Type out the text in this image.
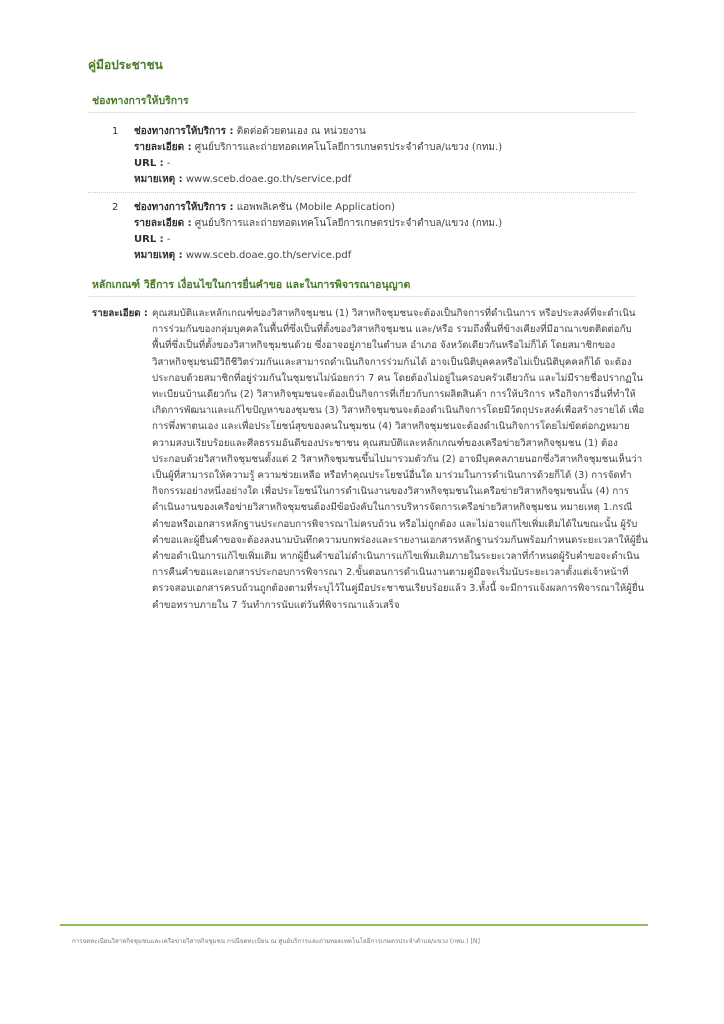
คู่มือประชาชน
ช่องทางการให้บริการ
1 ช่องทางการให้บริการ : ติดต่อด้วยตนเอง ณ หน่วยงาน
รายละเอียด : ศูนย์บริการและถ่ายทอดเทคโนโลยีการเกษตรประจำตำบล/แขวง (กทม.)
URL : -
หมายเหตุ : www.sceb.doae.go.th/service.pdf
2 ช่องทางการให้บริการ : แอพพลิเคชัน (Mobile Application)
รายละเอียด : ศูนย์บริการและถ่ายทอดเทคโนโลยีการเกษตรประจำตำบล/แขวง (กทม.)
URL : -
หมายเหตุ : www.sceb.doae.go.th/service.pdf
หลักเกณฑ์ วิธีการ เงื่อนไขในการยื่นคำขอ และในการพิจารณาอนุญาต
รายละเอียด : คุณสมบัติและหลักเกณฑ์ของวิสาหกิจชุมชน (1) วิสาหกิจชุมชนจะต้องเป็นกิจการที่ดำเนินการ หรือประสงค์ที่จะดำเนินการร่วมกันของกลุ่มบุคคลในพื้นที่ซึ่งเป็นที่ตั้งของวิสาหกิจชุมชน และ/หรือ รวมถึงพื้นที่ข้างเคียงที่มีอาณาเขตติดต่อกับพื้นที่ซึ่งเป็นที่ตั้งของวิสาหกิจชุมชนด้วย ซึ่งอาจอยู่ภายในตำบล อำเภอ จังหวัดเดียวกันหรือไม่ก็ได้ โดยสมาชิกของวิสาหกิจชุมชนมีวิถีชีวิตร่วมกันและสามารถดำเนินกิจการร่วมกันได้ อาจเป็นนิติบุคคลหรือไม่เป็นนิติบุคคลก็ได้ จะต้องประกอบด้วยสมาชิกที่อยู่ร่วมกันในชุมชนไม่น้อยกว่า 7 คน โดยต้องไม่อยู่ในครอบครัวเดียวกัน และไม่มีรายชื่อปรากฏในทะเบียนบ้านเดียวกัน (2) วิสาหกิจชุมชนจะต้องเป็นกิจการที่เกี่ยวกับการผลิตสินค้า การให้บริการ หรือกิจการอื่นที่ทำให้เกิดการพัฒนาและแก้ไขปัญหาของชุมชน (3) วิสาหกิจชุมชนจะต้องดำเนินกิจการโดยมีวัตถุประสงค์เพื่อสร้างรายได้ เพื่อการพึ่งพาตนเอง และเพื่อประโยชน์สุขของคนในชุมชน (4) วิสาหกิจชุมชนจะต้องดำเนินกิจการโดยไม่ขัดต่อกฎหมาย ความสงบเรียบร้อยและศีลธรรมอันดีของประชาชน คุณสมบัติและหลักเกณฑ์ของเครือข่ายวิสาหกิจชุมชน (1) ต้องประกอบด้วยวิสาหกิจชุมชนตั้งแต่ 2 วิสาหกิจชุมชนขึ้นไปมารวมตัวกัน (2) อาจมีบุคคลภายนอกซึ่งวิสาหกิจชุมชนเห็นว่าเป็นผู้ที่สามารถให้ความรู้ ความช่วยเหลือ หรือทำคุณประโยชน์อื่นใด มาร่วมในการดำเนินการด้วยก็ได้ (3) การจัดทำกิจกรรมอย่างหนึ่งอย่างใด เพื่อประโยชน์ในการดำเนินงานของวิสาหกิจชุมชนในเครือข่ายวิสาหกิจชุมชนนั้น (4) การดำเนินงานของเครือข่ายวิสาหกิจชุมชนต้องมีข้อบังคับในการบริหารจัดการเครือข่ายวิสาหกิจชุมชน หมายเหตุ 1.กรณีคำขอหรือเอกสารหลักฐานประกอบการพิจารณาไม่ครบถ้วน หรือไม่ถูกต้อง และไม่อาจแก้ไขเพิ่มเติมได้ในขณะนั้น ผู้รับคำขอและผู้ยื่นคำขอจะต้องลงนามบันทึกความบกพร่องและรายงานเอกสารหลักฐานร่วมกันพร้อมกำหนดระยะเวลาให้ผู้ยื่นคำขอดำเนินการแก้ไขเพิ่มเติม หากผู้ยื่นคำขอไม่ดำเนินการแก้ไขเพิ่มเติมภายในระยะเวลาที่กำหนดผู้รับคำขอจะดำเนินการคืนคำขอและเอกสารประกอบการพิจารณา 2.ขั้นตอนการดำเนินงานตามคู่มือจะเริ่มนับระยะเวลาตั้งแต่เจ้าหน้าที่ตรวจสอบเอกสารครบถ้วนถูกต้องตามที่ระบุไว้ในคู่มือประชาชนเรียบร้อยแล้ว 3.ทั้งนี้ จะมีการแจ้งผลการพิจารณาให้ผู้ยื่นคำขอทราบภายใน 7 วันทำการนับแต่วันที่พิจารณาแล้วเสร็จ
การจดทะเบียนวิสาหกิจชุมชนและเครือข่ายวิสาหกิจชุมชน กรณีจดทะเบียน ณ ศูนย์บริการและถ่ายทอดเทคโนโลยีการเกษตรประจำตำบล/แขวง (กทม.) [N]
